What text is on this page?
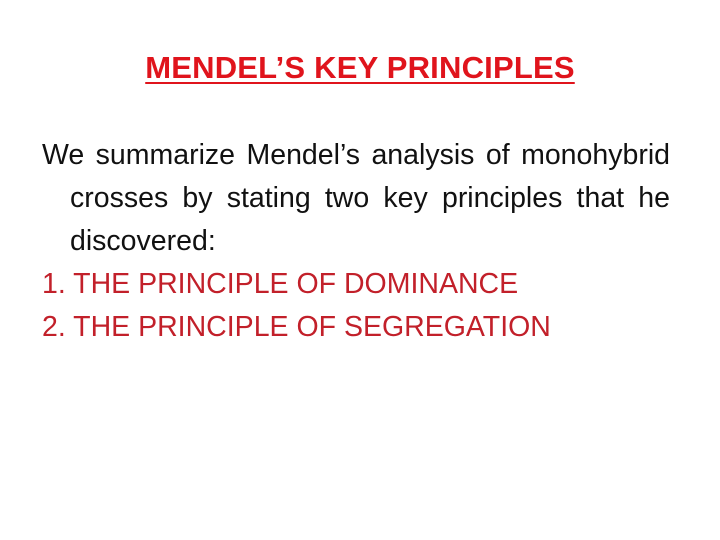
MENDEL’S KEY PRINCIPLES

We summarize Mendel’s analysis of monohybrid crosses by stating two key principles that he discovered:

1. THE PRINCIPLE OF DOMINANCE

2. THE PRINCIPLE OF SEGREGATION
